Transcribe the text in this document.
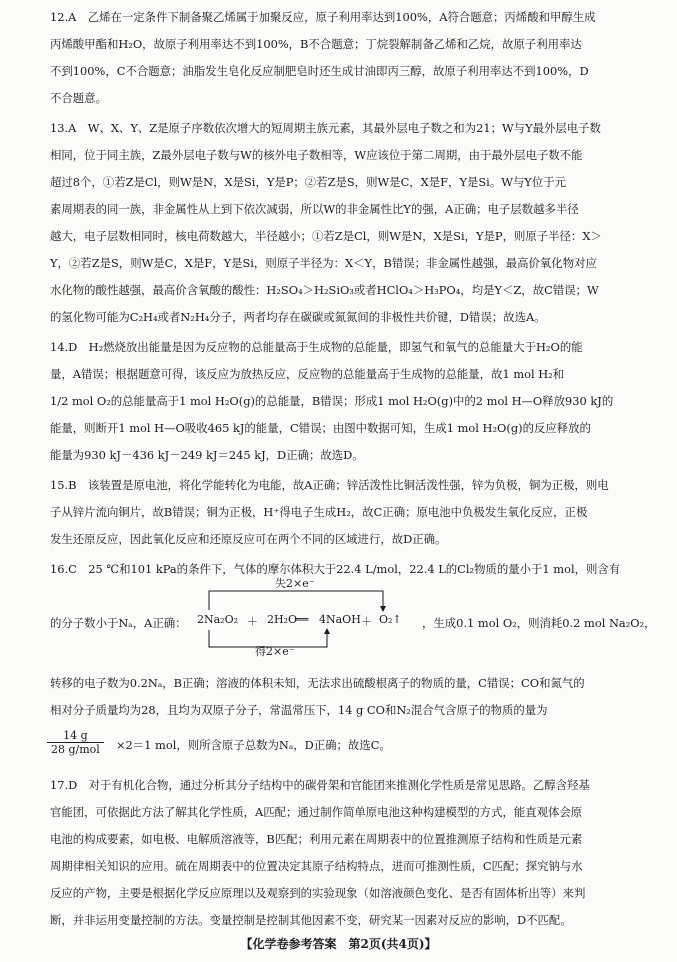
12.A　乙烯在一定条件下制备聚乙烯属于加聚反应，原子利用率达到100%，A符合题意；丙烯酸和甲醇生成
丙烯酸甲酯和H₂O，故原子利用率达不到100%，B不合题意；丁烷裂解制备乙烯和乙烷，故原子利用率达
不到100%，C不合题意；油脂发生皂化反应制肥皂时还生成甘油即丙三醇，故原子利用率达不到100%，D
不合题意。
13.A　W、X、Y、Z是原子序数依次增大的短周期主族元素，其最外层电子数之和为21；W与Y最外层电子数
相同，位于同主族，Z最外层电子数与W的核外电子数相等，W应该位于第二周期，由于最外层电子数不能
超过8个，①若Z是Cl，则W是N，X是Si，Y是P；②若Z是S，则W是C，X是F，Y是Si。W与Y位于元
素周期表的同一族，非金属性从上到下依次减弱，所以W的非金属性比Y的强，A正确；电子层数越多半径
越大，电子层数相同时，核电荷数越大，半径越小；①若Z是Cl，则W是N，X是Si，Y是P，则原子半径：X＞
Y，②若Z是S，则W是C，X是F，Y是Si，则原子半径为：X＜Y，B错误；非金属性越强，最高价氧化物对应
水化物的酸性越强，最高价含氧酸的酸性：H₂SO₄＞H₂SiO₃或者HClO₄＞H₃PO₄，均是Y＜Z，故C错误；W
的氢化物可能为C₂H₄或者N₂H₄分子，两者均存在碳碳或氮氮间的非极性共价键，D错误；故选A。
14.D　H₂燃烧放出能量是因为反应物的总能量高于生成物的总能量，即氢气和氧气的总能量大于H₂O的能
量，A错误；根据题意可得，该反应为放热反应，反应物的总能量高于生成物的总能量，故1 mol H₂和
1/2 mol O₂的总能量高于1 mol H₂O(g)的总能量，B错误；形成1 mol H₂O(g)中的2 mol H—O释放930 kJ的
能量，则断开1 mol H—O吸收465 kJ的能量，C错误；由图中数据可知，生成1 mol H₂O(g)的反应释放的
能量为930 kJ－436 kJ－249 kJ＝245 kJ，D正确；故选D。
15.B　该装置是原电池，将化学能转化为电能，故A正确；锌活泼性比铜活泼性强，锌为负极，铜为正极，则电
子从锌片流向铜片，故B错误；铜为正极，H⁺得电子生成H₂，故C正确；原电池中负极发生氧化反应，正极
发生还原反应，因此氧化反应和还原反应可在两个不同的区域进行，故D正确。
16.C　25 ℃和101 kPa的条件下，气体的摩尔体积大于22.4 L/mol，22.4 L的Cl₂物质的量小于1 mol，则含有
的分子数小于Nₐ，A正确：	，生成0.1 mol O₂，则消耗0.2 mol Na₂O₂，
转移的电子数为0.2Nₐ，B正确；溶液的体积未知，无法求出硫酸根离子的物质的量，C错误；CO和氮气的
相对分子质量均为28，且均为双原子分子，常温常压下，14 g CO和N₂混合气含原子的物质的量为
×2＝1 mol，则所含原子总数为Nₐ，D正确；故选C。
17.D　对于有机化合物，通过分析其分子结构中的碳骨架和官能团来推测化学性质是常见思路。乙醇含羟基
官能团，可依据此方法了解其化学性质，A匹配；通过制作简单原电池这种构建模型的方式，能直观体会原
电池的构成要素，如电极、电解质溶液等，B匹配；利用元素在周期表中的位置推测原子结构和性质是元素
周期律相关知识的应用。硫在周期表中的位置决定其原子结构特点，进而可推测性质，C匹配；探究钠与水
反应的产物，主要是根据化学反应原理以及观察到的实验现象（如溶液颜色变化、是否有固体析出等）来判
断，并非运用变量控制的方法。变量控制是控制其他因素不变，研究某一因素对反应的影响，D不匹配。
失2×e⁻
得2×e⁻
2Na₂O₂ ＋ 2H₂O
══ 4NaOH ＋ O₂↑
14 g
28 g/mol
【化学卷参考答案　第2页(共4页)】
